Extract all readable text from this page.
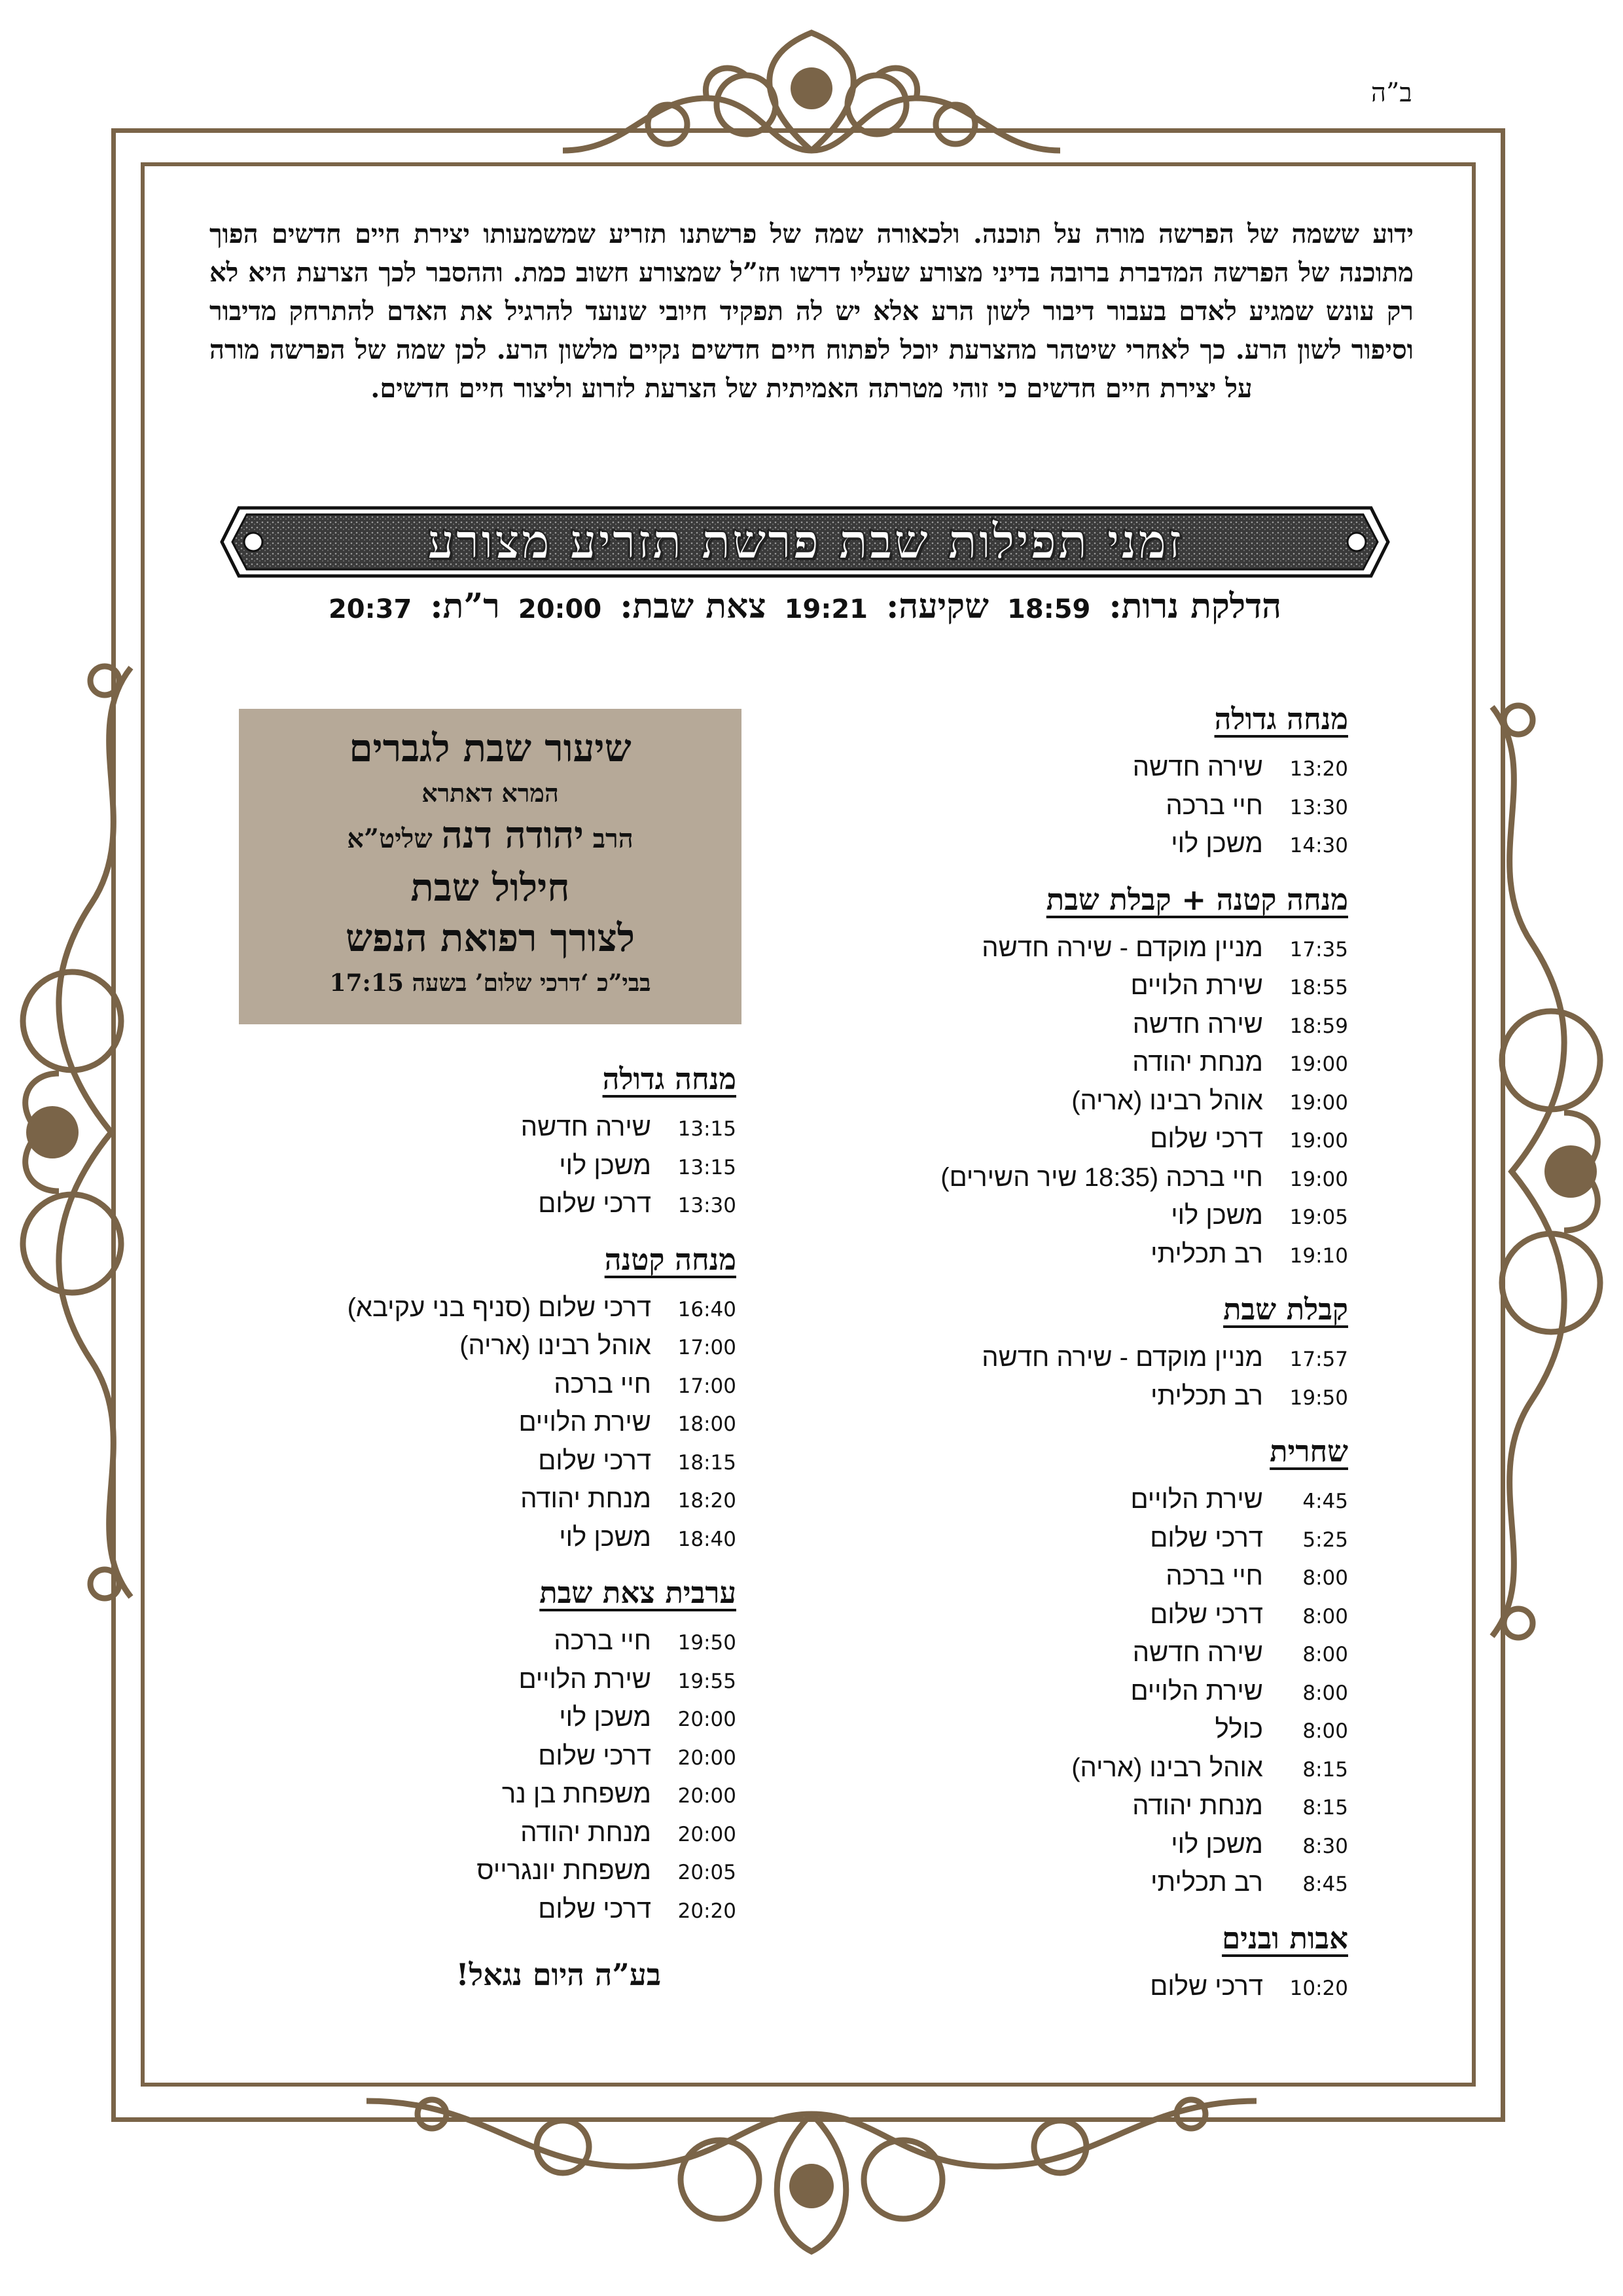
ב”ה
ידוע ששמה של הפרשה מורה על תוכנה. ולכאורה שמה של פרשתנו תזריע שמשמעותו יצירת חיים חדשים הפוך מתוכנה של הפרשה המדברת ברובה בדיני מצורע שעליו דרשו חז”ל שמצורע חשוב כמת. וההסבר לכך הצרעת היא לא רק עונש שמגיע לאדם בעבור דיבור לשון הרע אלא יש לה תפקיד חיובי שנועד להרגיל את האדם להתרחק מדיבור וסיפור לשון הרע. כך לאחרי שיטהר מהצרעת יוכל לפתוח חיים חדשים נקיים מלשון הרע. לכן שמה של הפרשה מורה על יצירת חיים חדשים כי זוהי מטרתה האמיתית של הצרעת לזרוע וליצור חיים חדשים.
זמני תפילות שבת פרשת תזריע מצורע
הדלקת נרות: 18:59 שקיעה: 19:21 צאת שבת: 20:00 ר”ת: 20:37
מנחה גדולה
13:20
שירה חדשה
13:30
חיי ברכה
14:30
משכן לוי
מנחה קטנה + קבלת שבת
17:35
מניין מוקדם - שירה חדשה
18:55
שירת הלויים
18:59
שירה חדשה
19:00
מנחת יהודה
19:00
אוהל רבינו (אריה)
19:00
דרכי שלום
19:00
חיי ברכה (18:35 שיר השירים)
19:05
משכן לוי
19:10
רב תכליתי
קבלת שבת
17:57
מניין מוקדם - שירה חדשה
19:50
רב תכליתי
שחרית
4:45
שירת הלויים
5:25
דרכי שלום
8:00
חיי ברכה
8:00
דרכי שלום
8:00
שירה חדשה
8:00
שירת הלויים
8:00
כולל
8:15
אוהל רבינו (אריה)
8:15
מנחת יהודה
8:30
משכן לוי
8:45
רב תכליתי
אבות ובנים
10:20
דרכי שלום
שיעור שבת לגברים
המרא דאתרא
הרב יהודה דנה שליט”א
חילול שבת
לצורך רפואת הנפש
בבי”כ ‘דרכי שלום’ בשעה 17:15
מנחה גדולה
13:15
שירה חדשה
13:15
משכן לוי
13:30
דרכי שלום
מנחה קטנה
16:40
דרכי שלום (סניף בני עקיבא)
17:00
אוהל רבינו (אריה)
17:00
חיי ברכה
18:00
שירת הלויים
18:15
דרכי שלום
18:20
מנחת יהודה
18:40
משכן לוי
ערבית צאת שבת
19:50
חיי ברכה
19:55
שירת הלויים
20:00
משכן לוי
20:00
דרכי שלום
20:00
משפחת בן נר
20:00
מנחת יהודה
20:05
משפחת יונגרייס
20:20
דרכי שלום
בע”ה היום נגאל!
